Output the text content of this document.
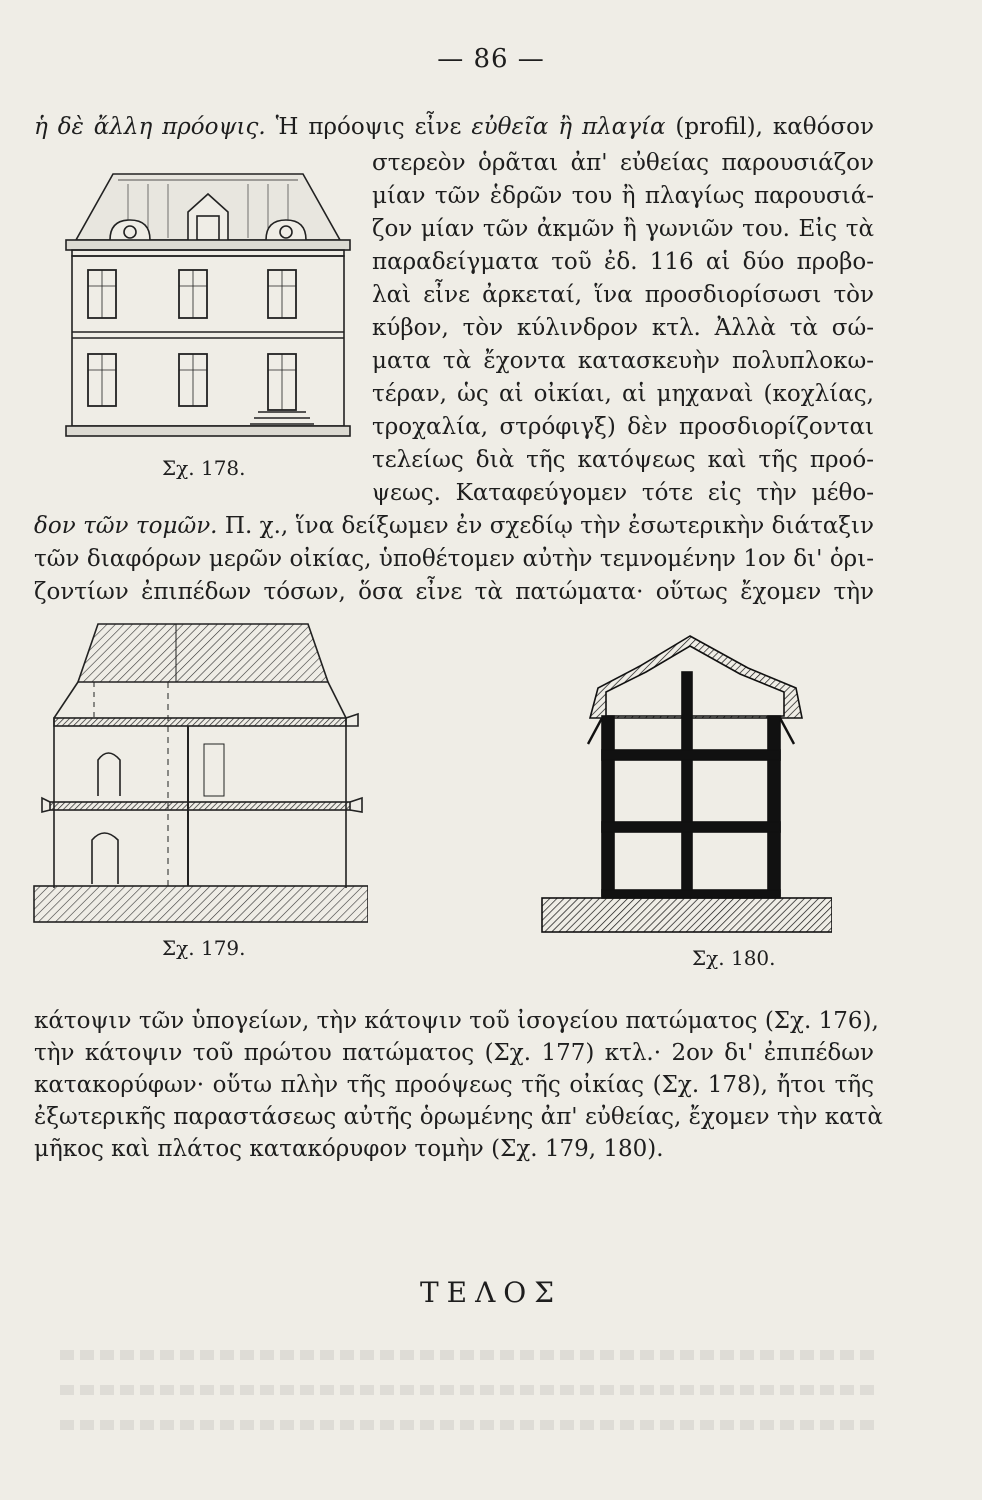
— 86 —
ἡ δὲ ἄλλη πρόοψις. Ἡ πρόοψις εἶνε εὐθεῖα ἢ πλαγία (profil), καθόσον
στερεὸν ὁρᾶται ἀπ' εὐθείας παρουσιάζον
μίαν τῶν ἑδρῶν του ἢ πλαγίως παρουσιά-
ζον μίαν τῶν ἀκμῶν ἢ γωνιῶν του. Εἰς τὰ
παραδείγματα τοῦ ἐδ. 116 αἱ δύο προβο-
λαὶ εἶνε ἀρκεταί, ἵνα προσδιορίσωσι τὸν
κύβον, τὸν κύλινδρον κτλ. Ἀλλὰ τὰ σώ-
ματα τὰ ἔχοντα κατασκευὴν πολυπλοκω-
τέραν, ὡς αἱ οἰκίαι, αἱ μηχαναὶ (κοχλίας,
τροχαλία, στρόφιγξ) δὲν προσδιορίζονται
τελείως διὰ τῆς κατόψεως καὶ τῆς προό-
ψεως. Καταφεύγομεν τότε εἰς τὴν μέθο-
δον τῶν τομῶν. Π. χ., ἵνα δείξωμεν ἐν σχεδίῳ τὴν ἐσωτερικὴν διάταξιν
τῶν διαφόρων μερῶν οἰκίας, ὑποθέτομεν αὐτὴν τεμνομένην 1ον δι' ὁρι-
ζοντίων ἐπιπέδων τόσων, ὅσα εἶνε τὰ πατώματα· οὕτως ἔχομεν τὴν
Σχ. 178.
Σχ. 179.	Σχ. 180.
κάτοψιν τῶν ὑπογείων, τὴν κάτοψιν τοῦ ἰσογείου πατώματος (Σχ. 176),
τὴν κάτοψιν τοῦ πρώτου πατώματος (Σχ. 177) κτλ.· 2ον δι' ἐπιπέδων
κατακορύφων· οὕτω πλὴν τῆς προόψεως τῆς οἰκίας (Σχ. 178), ἤτοι τῆς
ἐξωτερικῆς παραστάσεως αὐτῆς ὁρωμένης ἀπ' εὐθείας, ἔχομεν τὴν κατὰ
μῆκος καὶ πλάτος κατακόρυφον τομὴν (Σχ. 179, 180).
ΤΕΛΟΣ
